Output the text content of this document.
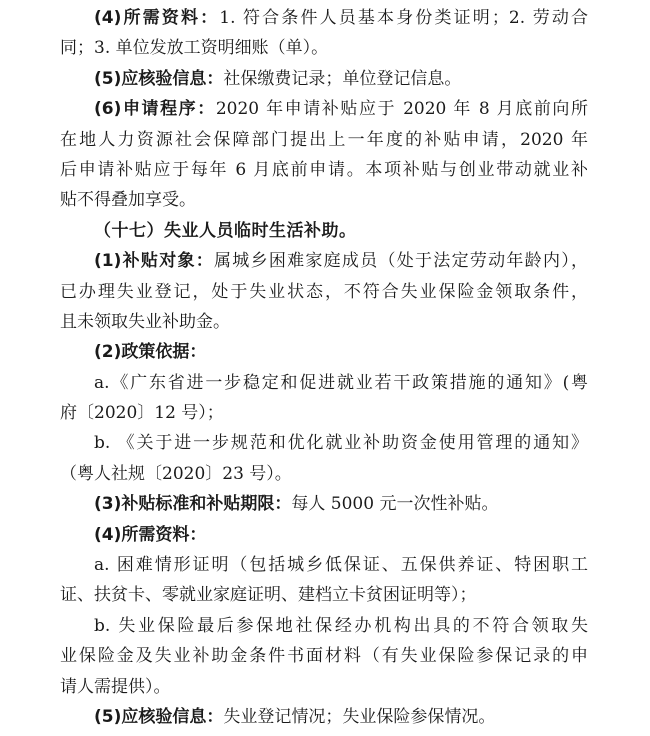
(4)所需资料：1. 符合条件人员基本身份类证明；2. 劳动合
同；3. 单位发放工资明细账（单）。
(5)应核验信息：社保缴费记录；单位登记信息。
(6)申请程序：2020 年申请补贴应于 2020 年 8 月底前向所
在地人力资源社会保障部门提出上一年度的补贴申请，2020 年
后申请补贴应于每年 6 月底前申请。本项补贴与创业带动就业补
贴不得叠加享受。
（十七）失业人员临时生活补助。
(1)补贴对象：属城乡困难家庭成员（处于法定劳动年龄内），
已办理失业登记，处于失业状态，不符合失业保险金领取条件，
且未领取失业补助金。
(2)政策依据：
a.《广东省进一步稳定和促进就业若干政策措施的通知》(粤
府〔2020〕12 号）；
b. 《关于进一步规范和优化就业补助资金使用管理的通知》
（粤人社规〔2020〕23 号）。
(3)补贴标准和补贴期限：每人 5000 元一次性补贴。
(4)所需资料：
a. 困难情形证明（包括城乡低保证、五保供养证、特困职工
证、扶贫卡、零就业家庭证明、建档立卡贫困证明等）；
b. 失业保险最后参保地社保经办机构出具的不符合领取失
业保险金及失业补助金条件书面材料（有失业保险参保记录的申
请人需提供）。
(5)应核验信息：失业登记情况；失业保险参保情况。
